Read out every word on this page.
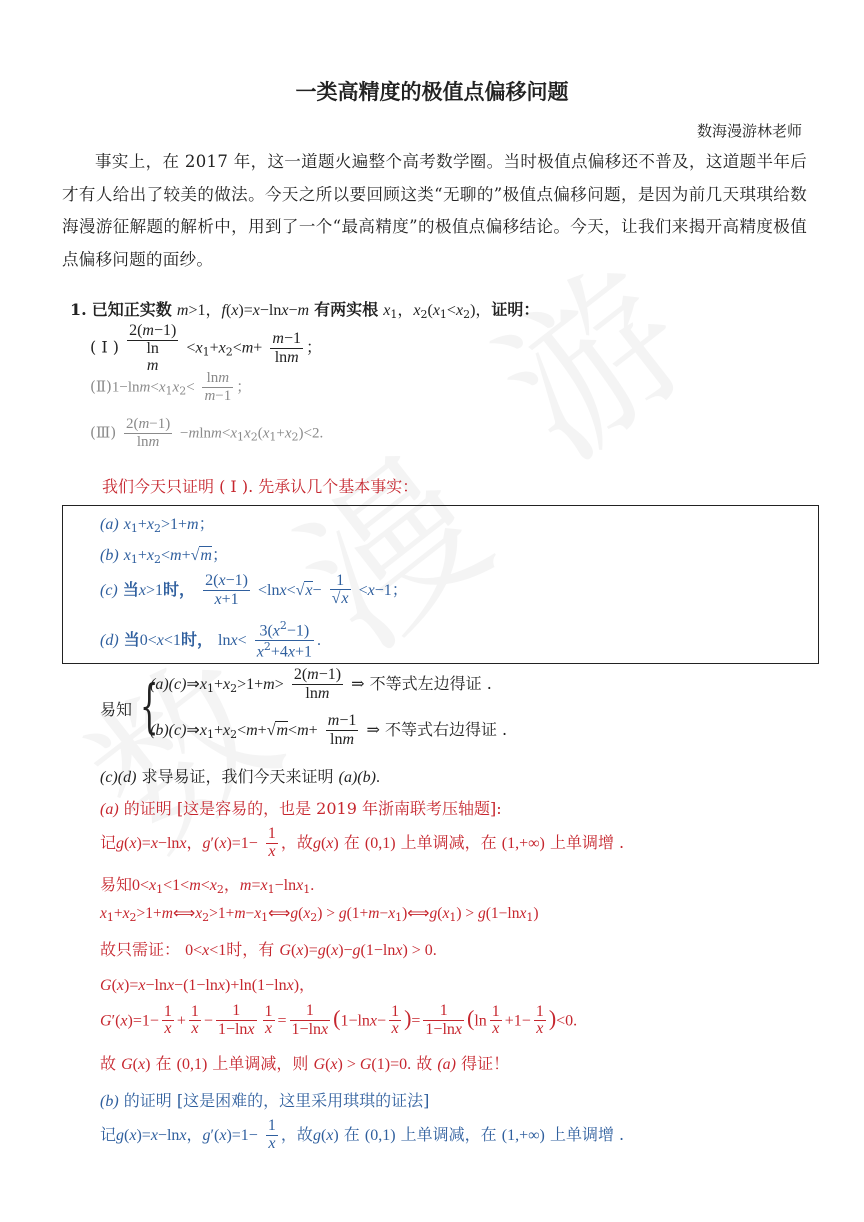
一类高精度的极值点偏移问题
数海漫游林老师
事实上，在 2017 年，这一道题火遍整个高考数学圈。当时极值点偏移还不普及，这道题半年后才有人给出了较美的做法。今天之所以要回顾这类“无聊的”极值点偏移问题，是因为前几天琪琪给数海漫游征解题的解析中，用到了一个“最高精度”的极值点偏移结论。今天，让我们来揭开高精度极值点偏移问题的面纱。
1. 已知正实数 m>1，f(x)=x−lnx−m 有两实根 $x_1$，$x_2(x_1<x_2)$，证明：
( I )
2(m−1)
ln
m
$<x_1+x_2<m+ \frac{m-1}{\ln m}$ ；
$(Ⅱ)1-\ln m<x_1x_2< \frac{\ln m}{m-1}$ ；
(Ⅲ) $\frac{2(m-1)}{\ln m} -mlnm<x_1x_2(x_1+x_2)<2$.
我们今天只证明 ( I ). 先承认几个基本事实：
(a) $x_1+x_2>1+m$；
(b) $x_1+x_2<m+√m$；
(c) 当x>1时， $\frac{2(x-1)}{x+1} <\ln x<√x- \frac{1}{√x} <x-1$；
(d) 当0<x<1时， $\ln x< \frac{3(x^2-1)}{x^2+4x+1}$ .
易知 {
$(a)(c)\Rightarrow x_1+x_2>1+m> \frac{2(m-1)}{\ln m}$ ⇒ 不等式左边得证 .
$(b)(c)\Rightarrow x_1+x_2<m+√m<m+ \frac{m-1}{\ln m}$ ⇒ 不等式右边得证 .
(c)(d) 求导易证，我们今天来证明 (a)(b).
(a) 的证明 [这是容易的，也是 2019 年浙南联考压轴题]:
记g(x)=x−lnx，$g'(x)=1- \frac{1}{x}$ ，故g(x) 在 (0,1) 上单调减，在 (1,+∞) 上单调增 .
易知$0<x_1<1<m<x_2$，$m=x_1-\ln x_1$.
$x_1+x_2>1+m⟺x_2>1+m-x_1⟺g(x_2)$ > $g(1+m-x_1)⟺g(x_1) > g(1-\ln x_1)$
故只需证： 0<x<1时，有 G(x)=g(x)−g(1−lnx) > 0.
G(x)=x−lnx−(1−lnx)+ln(1−lnx)，
$G'(x)=1- \frac{1}{x} + \frac{1}{x} - \frac{1}{1-\ln x} \frac{1}{x} = \frac{1}{1-\ln x} (1-\ln x- \frac{1}{x}$ )= $\frac{1}{1-\ln x} (\ln \frac{1}{x} +1- \frac{1}{x} )<0$.
故 G(x) 在 (0,1) 上单调减，则 G(x) > G(1)=0. 故 (a) 得证！
(b) 的证明 [这是困难的，这里采用琪琪的证法]
记g(x)=x−lnx，$g'(x)=1- \frac{1}{x}$ ，故g(x) 在 (0,1) 上单调减，在 (1,+∞) 上单调增 .
